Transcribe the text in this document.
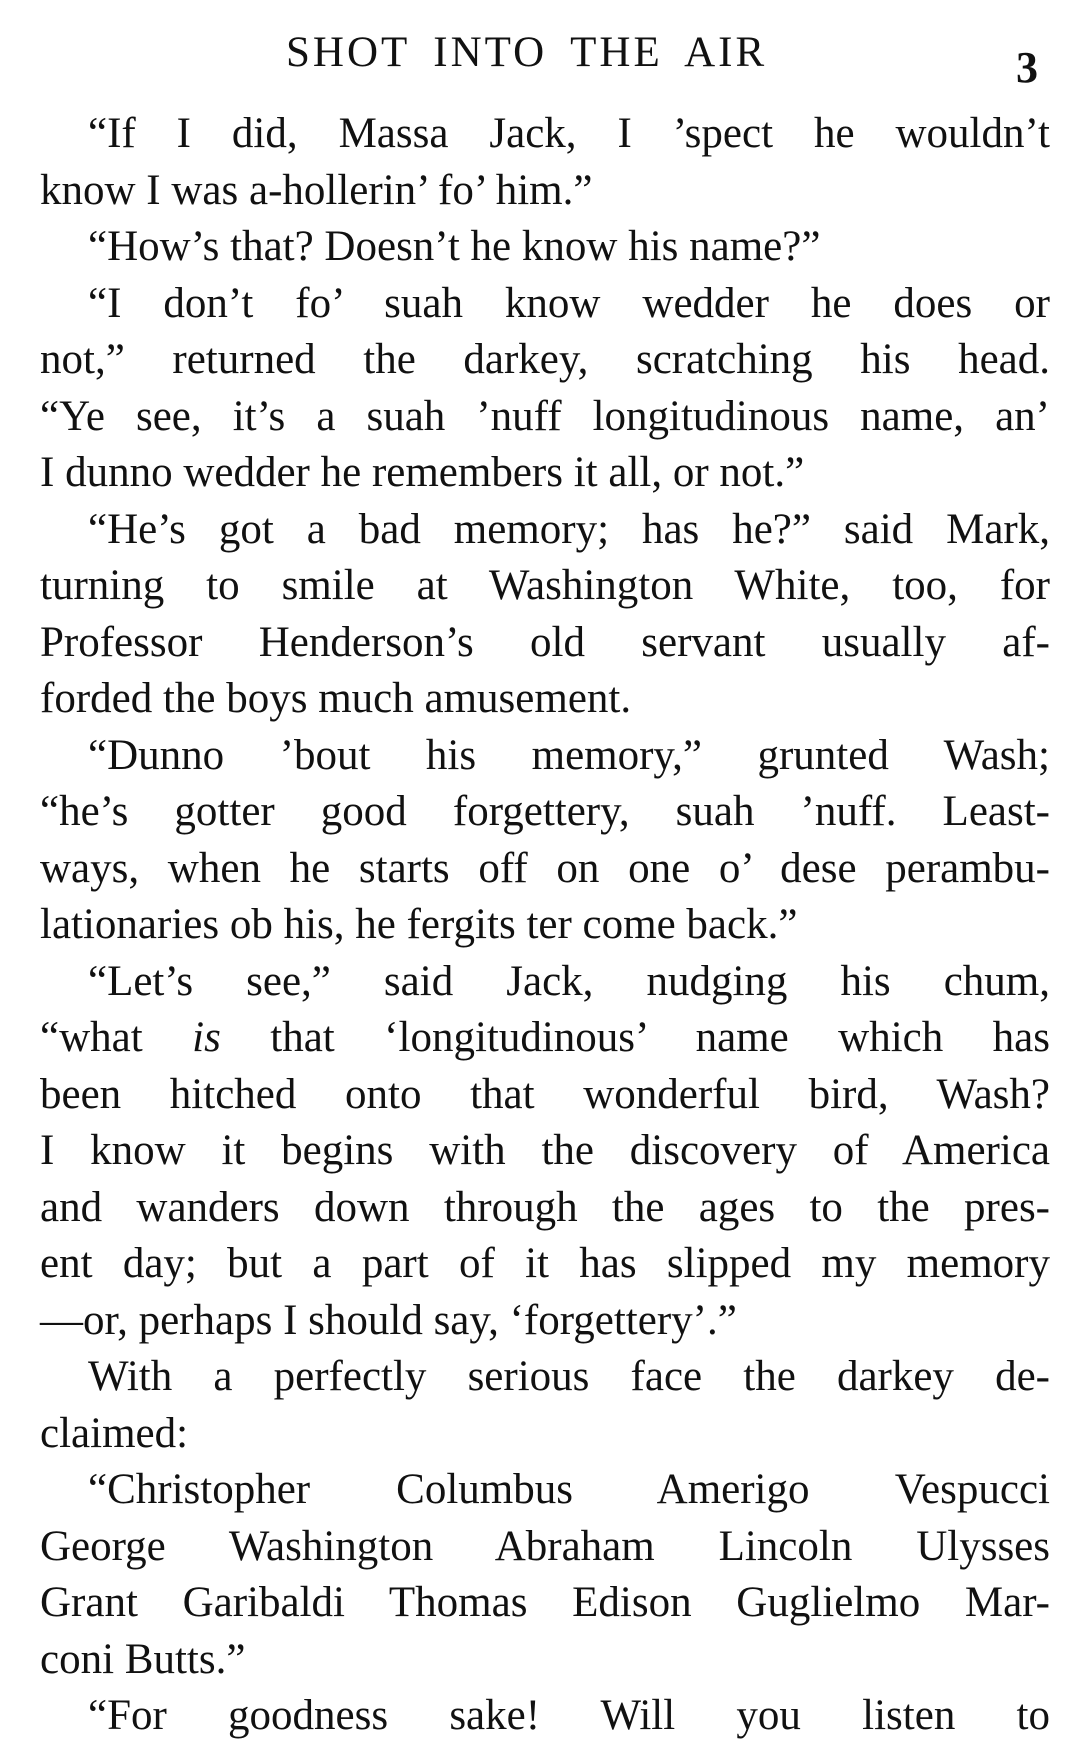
SHOT INTO THE AIR	3
“If I did, Massa Jack, I ’spect he wouldn’t
know I was a-hollerin’ fo’ him.”
“How’s that? Doesn’t he know his name?”
“I don’t fo’ suah know wedder he does or
not,” returned the darkey, scratching his head.
“Ye see, it’s a suah ’nuff longitudinous name, an’
I dunno wedder he remembers it all, or not.”
“He’s got a bad memory; has he?” said Mark,
turning to smile at Washington White, too, for
Professor Henderson’s old servant usually af-
forded the boys much amusement.
“Dunno ’bout his memory,” grunted Wash;
“he’s gotter good forgettery, suah ’nuff. Least-
ways, when he starts off on one o’ dese perambu-
lationaries ob his, he fergits ter come back.”
“Let’s see,” said Jack, nudging his chum,
“what is that ‘longitudinous’ name which has
been hitched onto that wonderful bird, Wash?
I know it begins with the discovery of America
and wanders down through the ages to the pres-
ent day; but a part of it has slipped my memory
—or, perhaps I should say, ‘forgettery’.”
With a perfectly serious face the darkey de-
claimed:
“Christopher Columbus Amerigo Vespucci
George Washington Abraham Lincoln Ulysses
Grant Garibaldi Thomas Edison Guglielmo Mar-
coni Butts.”
“For goodness sake! Will you listen to
